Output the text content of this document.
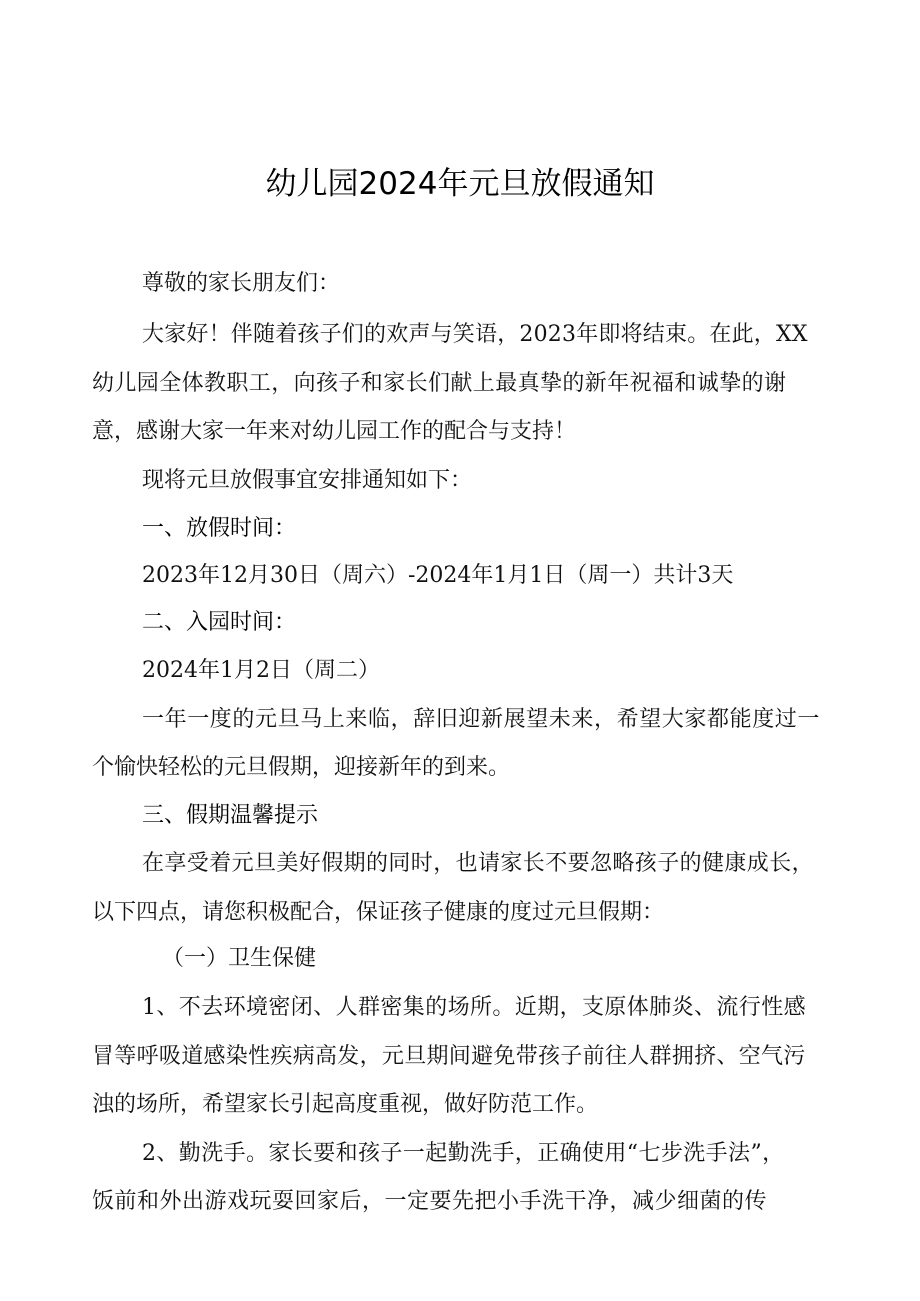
幼儿园2024年元旦放假通知

尊敬的家长朋友们：

大家好！伴随着孩子们的欢声与笑语，2023年即将结束。在此，XX

幼儿园全体教职工，向孩子和家长们献上最真挚的新年祝福和诚挚的谢

意，感谢大家一年来对幼儿园工作的配合与支持！

现将元旦放假事宜安排通知如下：

一、放假时间：

2023年12月30日（周六）-2024年1月1日（周一）共计3天

二、入园时间：

2024年1月2日（周二）

一年一度的元旦马上来临，辞旧迎新展望未来，希望大家都能度过一

个愉快轻松的元旦假期，迎接新年的到来。

三、假期温馨提示

在享受着元旦美好假期的同时，也请家长不要忽略孩子的健康成长，

以下四点，请您积极配合，保证孩子健康的度过元旦假期：

（一）卫生保健

1、不去环境密闭、人群密集的场所。近期，支原体肺炎、流行性感

冒等呼吸道感染性疾病高发，元旦期间避免带孩子前往人群拥挤、空气污

浊的场所，希望家长引起高度重视，做好防范工作。

2、勤洗手。家长要和孩子一起勤洗手，正确使用“七步洗手法”，

饭前和外出游戏玩耍回家后，一定要先把小手洗干净，减少细菌的传
